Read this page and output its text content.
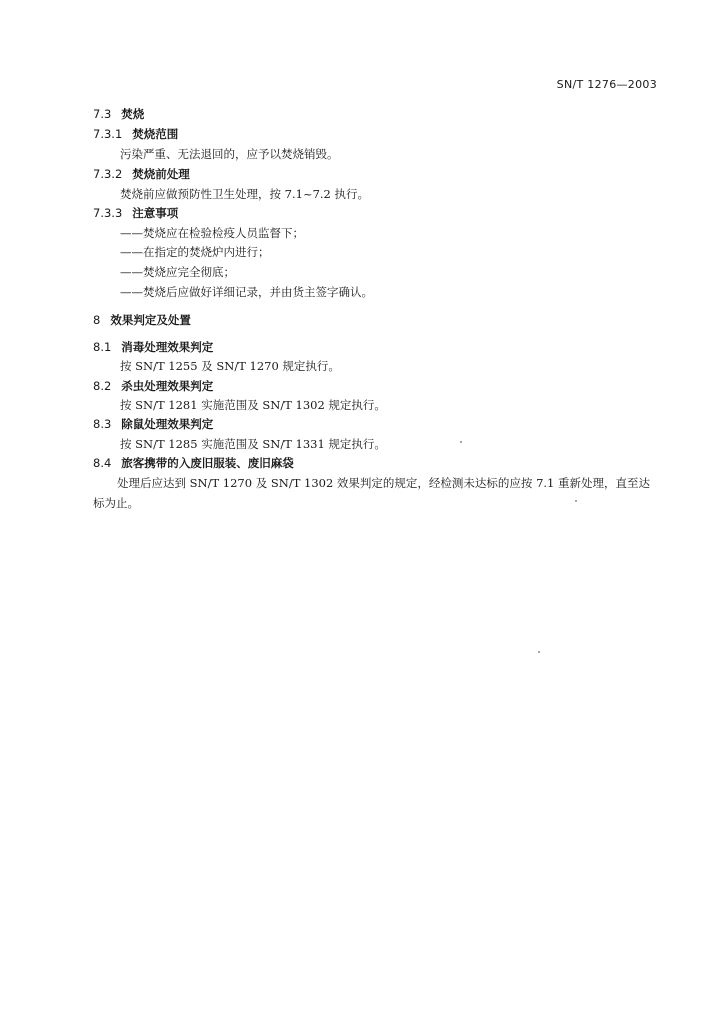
SN/T 1276—2003
7.3 焚烧
7.3.1 焚烧范围
污染严重、无法退回的，应予以焚烧销毁。
7.3.2 焚烧前处理
焚烧前应做预防性卫生处理，按 7.1~7.2 执行。
7.3.3 注意事项
——焚烧应在检验检疫人员监督下；
——在指定的焚烧炉内进行；
——焚烧应完全彻底；
——焚烧后应做好详细记录，并由货主签字确认。
8 效果判定及处置
8.1 消毒处理效果判定
按 SN/T 1255 及 SN/T 1270 规定执行。
8.2 杀虫处理效果判定
按 SN/T 1281 实施范围及 SN/T 1302 规定执行。
8.3 除鼠处理效果判定
按 SN/T 1285 实施范围及 SN/T 1331 规定执行。
8.4 旅客携带的入废旧服装、废旧麻袋
处理后应达到 SN/T 1270 及 SN/T 1302 效果判定的规定，经检测未达标的应按 7.1 重新处理，直至达标为止。
